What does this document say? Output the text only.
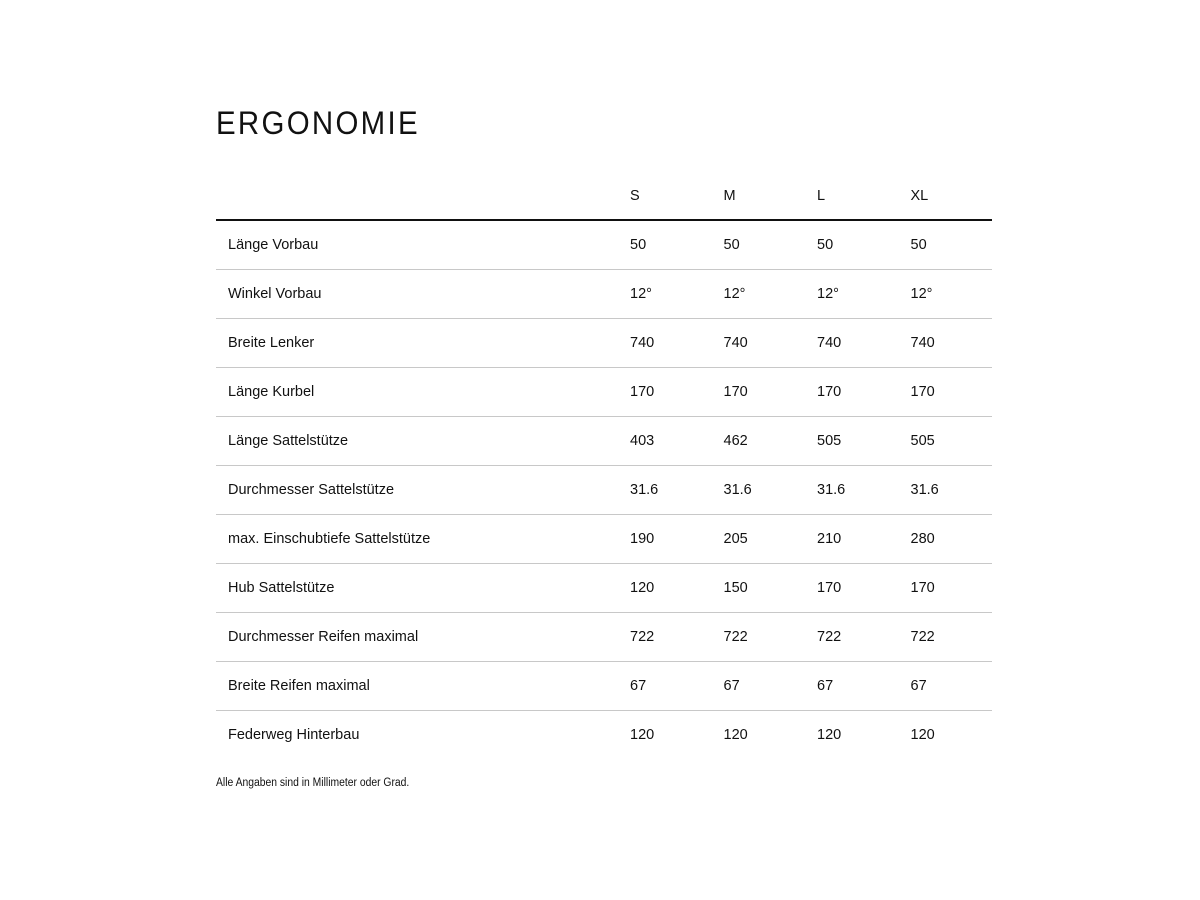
ERGONOMIE
	S	M	L	XL
Länge Vorbau	50	50	50	50
Winkel Vorbau	12°	12°	12°	12°
Breite Lenker	740	740	740	740
Länge Kurbel	170	170	170	170
Länge Sattelstütze	403	462	505	505
Durchmesser Sattelstütze	31.6	31.6	31.6	31.6
max. Einschubtiefe Sattelstütze	190	205	210	280
Hub Sattelstütze	120	150	170	170
Durchmesser Reifen maximal	722	722	722	722
Breite Reifen maximal	67	67	67	67
Federweg Hinterbau	120	120	120	120

Alle Angaben sind in Millimeter oder Grad.
